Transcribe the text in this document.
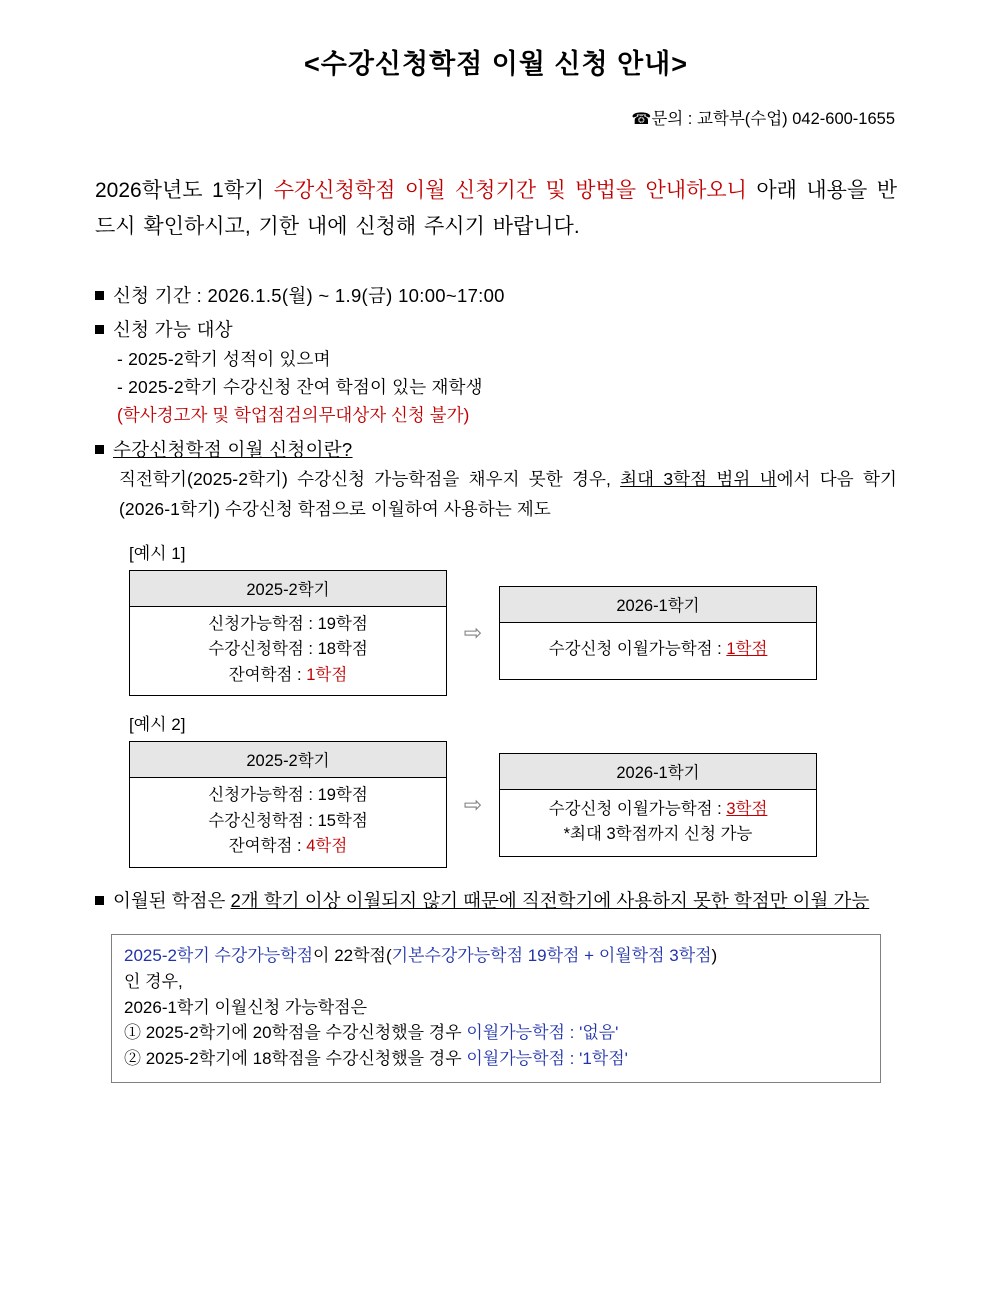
<수강신청학점 이월 신청 안내>
☎문의 : 교학부(수업) 042-600-1655
2026학년도 1학기 수강신청학점 이월 신청기간 및 방법을 안내하오니 아래 내용을 반드시 확인하시고, 기한 내에 신청해 주시기 바랍니다.
신청 기간 : 2026.1.5(월) ~ 1.9(금) 10:00~17:00
신청 가능 대상
- 2025-2학기 성적이 있으며
- 2025-2학기 수강신청 잔여 학점이 있는 재학생
(학사경고자 및 학업점검의무대상자 신청 불가)
수강신청학점 이월 신청이란?
직전학기(2025-2학기) 수강신청 가능학점을 채우지 못한 경우, 최대 3학점 범위 내에서 다음 학기(2026-1학기) 수강신청 학점으로 이월하여 사용하는 제도
[예시 1]
2025-2학기
신청가능학점 : 19학점
수강신청학점 : 18학점
잔여학점 : 1학점
⇨
2026-1학기
수강신청 이월가능학점 : 1학점
[예시 2]
2025-2학기
신청가능학점 : 19학점
수강신청학점 : 15학점
잔여학점 : 4학점
⇨
2026-1학기
수강신청 이월가능학점 : 3학점
*최대 3학점까지 신청 가능
이월된 학점은 2개 학기 이상 이월되지 않기 때문에 직전학기에 사용하지 못한 학점만 이월 가능
2025-2학기 수강가능학점이 22학점(기본수강가능학점 19학점 + 이월학점 3학점)
인 경우,
2026-1학기 이월신청 가능학점은
① 2025-2학기에 20학점을 수강신청했을 경우 이월가능학점 : '없음'
② 2025-2학기에 18학점을 수강신청했을 경우 이월가능학점 : '1학점'
